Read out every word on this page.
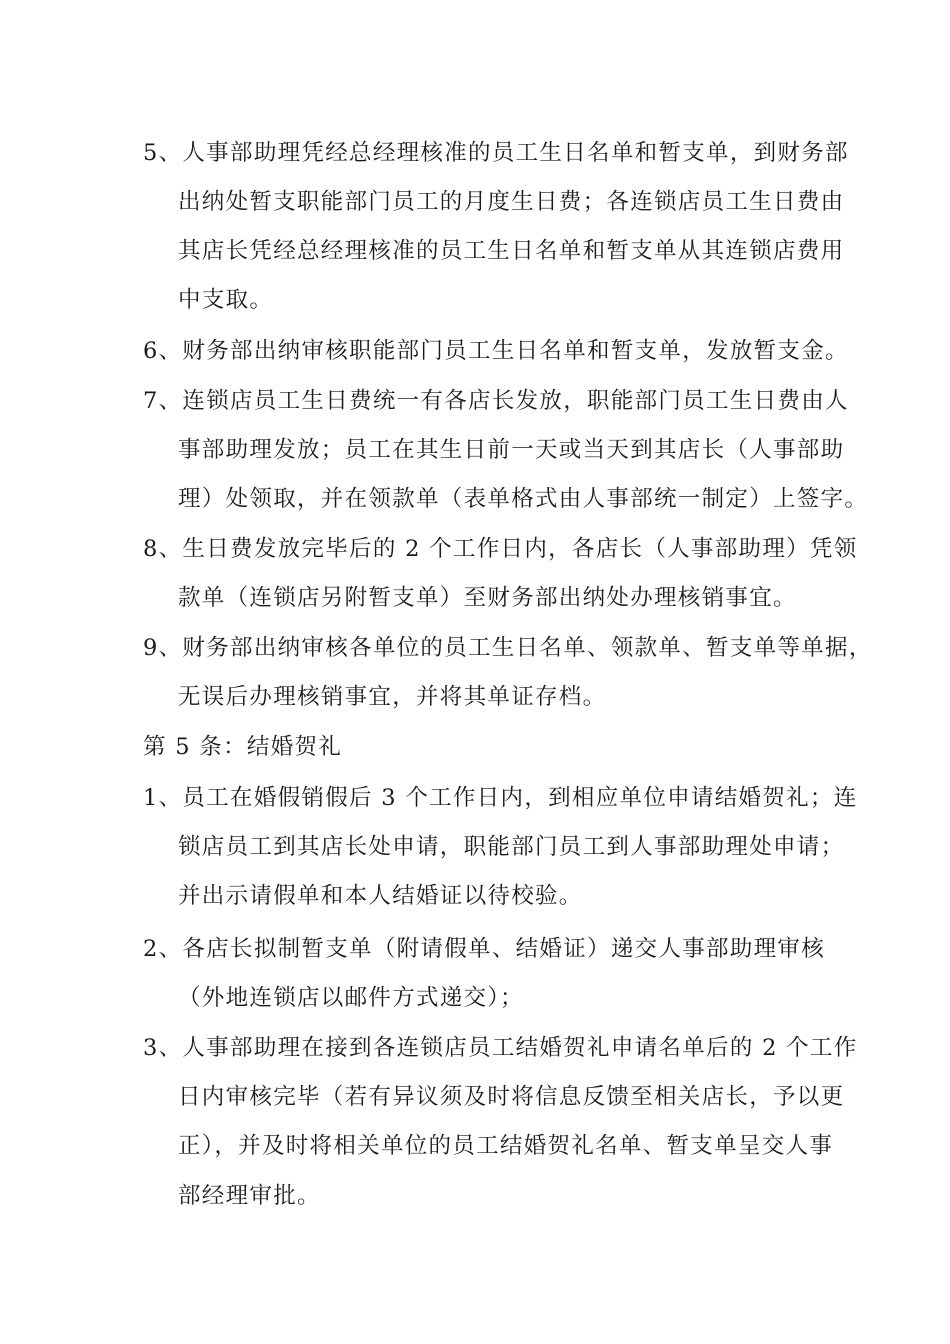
5、人事部助理凭经总经理核准的员工生日名单和暂支单，到财务部
出纳处暂支职能部门员工的月度生日费；各连锁店员工生日费由
其店长凭经总经理核准的员工生日名单和暂支单从其连锁店费用
中支取。
6、财务部出纳审核职能部门员工生日名单和暂支单，发放暂支金。
7、连锁店员工生日费统一有各店长发放，职能部门员工生日费由人
事部助理发放；员工在其生日前一天或当天到其店长（人事部助
理）处领取，并在领款单（表单格式由人事部统一制定）上签字。
8、生日费发放完毕后的 2 个工作日内，各店长（人事部助理）凭领
款单（连锁店另附暂支单）至财务部出纳处办理核销事宜。
9、财务部出纳审核各单位的员工生日名单、领款单、暂支单等单据，
无误后办理核销事宜，并将其单证存档。
第 5 条：结婚贺礼
1、员工在婚假销假后 3 个工作日内，到相应单位申请结婚贺礼；连
锁店员工到其店长处申请，职能部门员工到人事部助理处申请；
并出示请假单和本人结婚证以待校验。
2、各店长拟制暂支单（附请假单、结婚证）递交人事部助理审核
（外地连锁店以邮件方式递交）；
3、人事部助理在接到各连锁店员工结婚贺礼申请名单后的 2 个工作
日内审核完毕（若有异议须及时将信息反馈至相关店长，予以更
正），并及时将相关单位的员工结婚贺礼名单、暂支单呈交人事
部经理审批。
